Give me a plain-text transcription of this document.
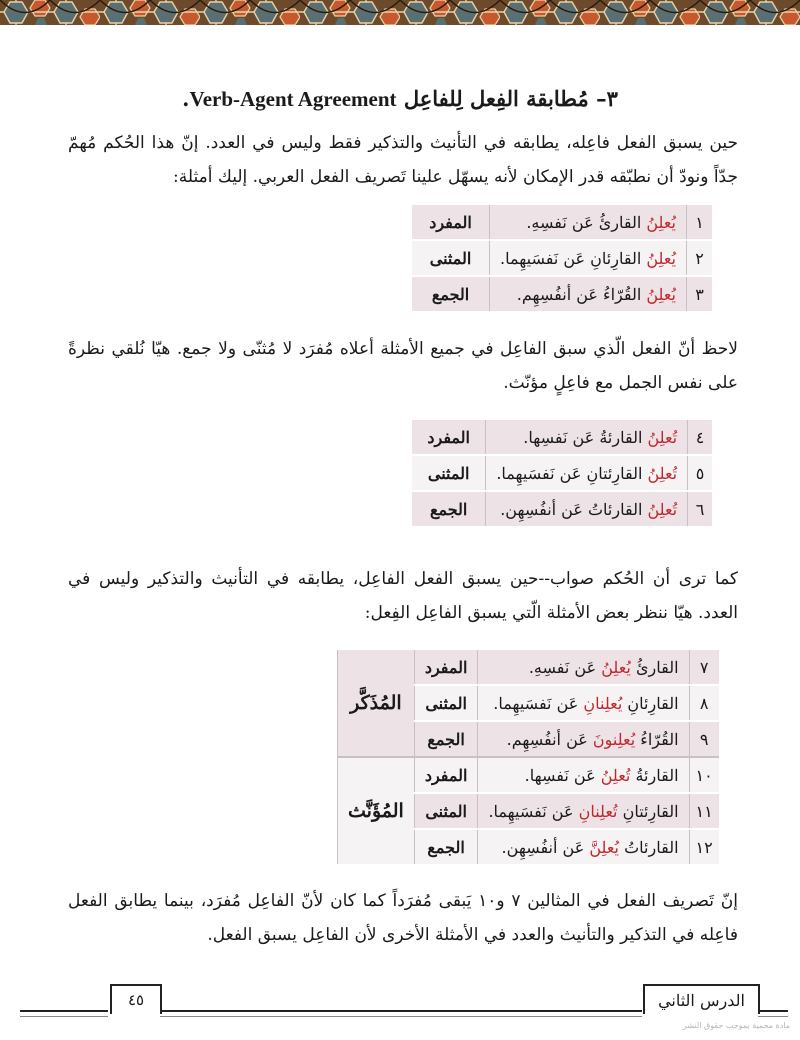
٣– مُطابقة الفِعل لِلفاعِل Verb-Agent Agreement.

حين يسبق الفعل فاعِله، يطابقه في التأنيث والتذكير فقط وليس في العدد. إنّ هذا الحُكم مُهمّ جدّاً ونودّ أن نطبّقه قدر الإمكان لأنه يسهّل علينا تَصريف الفعل العربي. إليك أمثلة:

١	يُعلِنُ القارئُ عَن نَفسِهِ.	المفرد
٢	يُعلِنُ القارِئانِ عَن نَفسَيهِما.	المثنى
٣	يُعلِنُ القُرّاءُ عَن أنفُسِهِم.	الجمع

لاحظ أنّ الفعل الّذي سبق الفاعِل في جميع الأمثلة أعلاه مُفرَد لا مُثنّى ولا جمع. هيّا نُلقي نظرةً على نفس الجمل مع فاعِلٍ مؤنّث.

٤	تُعلِنُ القارئةُ عَن نَفسِها.	المفرد
٥	تُعلِنُ القارِئتانِ عَن نَفسَيهِما.	المثنى
٦	تُعلِنُ القارئاتُ عَن أنفُسِهِن.	الجمع

كما ترى أن الحُكم صواب--حين يسبق الفعل الفاعِل، يطابقه في التأنيث والتذكير وليس في العدد. هيّا ننظر بعض الأمثلة الّتي يسبق الفاعِل الفِعل:

٧	القارئُ يُعلِنُ عَن نَفسِهِ.	المفرد	المُذَكَّر
٨	القارِئانِ يُعلِنانِ عَن نَفسَيهِما.	المثنى	
٩	القُرّاءُ يُعلِنونَ عَن أنفُسِهِم.	الجمع	
١٠	القارئةُ تُعلِنُ عَن نَفسِها.	المفرد	المُؤَنَّث
١١	القارِئتانِ تُعلِنانِ عَن نَفسَيهِما.	المثنى	
١٢	القارئاتُ يُعلِنَّ عَن أنفُسِهِن.	الجمع	

إنّ تَصريف الفعل في المثالين ٧ و١٠ يَبقى مُفرَداً كما كان لأنّ الفاعِل مُفرَد، بينما يطابق الفعل فاعِله في التذكير والتأنيث والعدد في الأمثلة الأخرى لأن الفاعِل يسبق الفعل.

٤٥	الدرس الثاني
مادة محمية بموجب حقوق النشر
